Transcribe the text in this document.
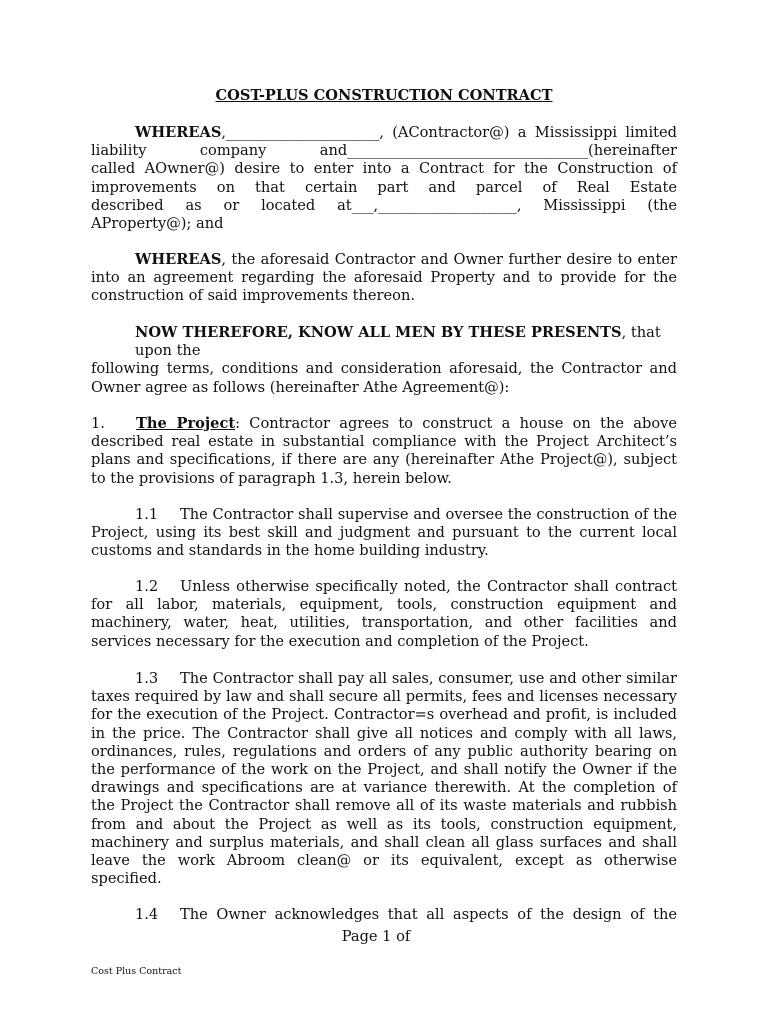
COST-PLUS CONSTRUCTION CONTRACT

WHEREAS,_____________________, (AContractor@) a Mississippi limited

liability company and_________________________________(hereinafter

called AOwner@) desire to enter into a Contract for the Construction of

improvements on that certain part and parcel of Real Estate

described as or located at___,___________________, Mississippi (the

AProperty@); and

WHEREAS, the aforesaid Contractor and Owner further desire to enter into an agreement regarding the aforesaid Property and to provide for the construction of said improvements thereon.

NOW THEREFORE, KNOW ALL MEN BY THESE PRESENTS, that

upon the

following terms, conditions and consideration aforesaid, the Contractor and Owner agree as follows (hereinafter Athe Agreement@):

1. The Project: Contractor agrees to construct a house on the above described real estate in substantial compliance with the Project Architect’s plans and specifications, if there are any (hereinafter Athe Project@), subject to the provisions of paragraph 1.3, herein below.

1.1 The Contractor shall supervise and oversee the construction of the Project, using its best skill and judgment and pursuant to the current local customs and standards in the home building industry.

1.2 Unless otherwise specifically noted, the Contractor shall contract for all labor, materials, equipment, tools, construction equipment and machinery, water, heat, utilities, transportation, and other facilities and services necessary for the execution and completion of the Project.

1.3 The Contractor shall pay all sales, consumer, use and other similar taxes required by law and shall secure all permits, fees and licenses necessary for the execution of the Project. Contractor=s overhead and profit, is included in the price. The Contractor shall give all notices and comply with all laws, ordinances, rules, regulations and orders of any public authority bearing on the performance of the work on the Project, and shall notify the Owner if the drawings and specifications are at variance therewith. At the completion of the Project the Contractor shall remove all of its waste materials and rubbish from and about the Project as well as its tools, construction equipment, machinery and surplus materials, and shall clean all glass surfaces and shall leave the work Abroom clean@ or its equivalent, except as otherwise specified.

1.4 The Owner acknowledges that all aspects of the design of the

Page 1 of
Cost Plus Contract
